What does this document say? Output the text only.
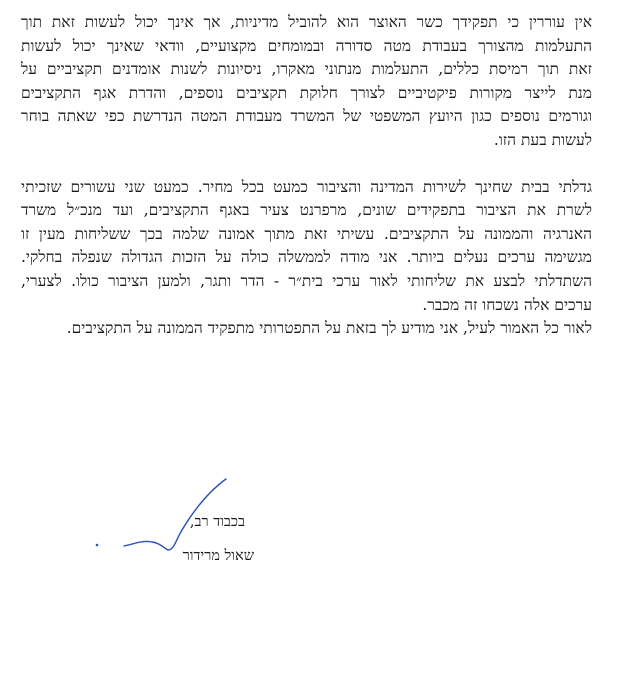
אין עוררין כי תפקידך כשר האוצר הוא להוביל מדיניות, אך אינך יכול לעשות זאת תוך
התעלמות מהצורך בעבודת מטה סדורה ובמומחים מקצועיים, וודאי שאינך יכול לעשות
זאת תוך רמיסת כללים, התעלמות מנתוני מאקרו, ניסיונות לשנות אומדנים תקציביים על
מנת לייצר מקורות פיקטיביים לצורך חלוקת תקציבים נוספים, והדרת אגף התקציבים
וגורמים נוספים כגון היועץ המשפטי של המשרד מעבודת המטה הנדרשת כפי שאתה בוחר
לעשות בעת הזו.

גדלתי בבית שחינך לשירות המדינה והציבור כמעט בכל מחיר. כמעט שני עשורים שזכיתי
לשרת את הציבור בתפקידים שונים, מרפרנט צעיר באגף התקציבים, ועד מנכ״ל משרד
האנרגיה והממונה על התקציבים. עשיתי זאת מתוך אמונה שלמה בכך ששליחות מעין זו
מגשימה ערכים נעלים ביותר. אני מודה לממשלה כולה על הזכות הגדולה שנפלה בחלקי.
השתדלתי לבצע את שליחותי לאור ערכי בית״ר - הדר ותגר, ולמען הציבור כולו. לצערי,
ערכים אלה נשכחו זה מכבר.

לאור כל האמור לעיל, אני מודיע לך בזאת על התפטרותי מתפקיד הממונה על התקציבים.

בכבוד רב,
שאול מרידור
